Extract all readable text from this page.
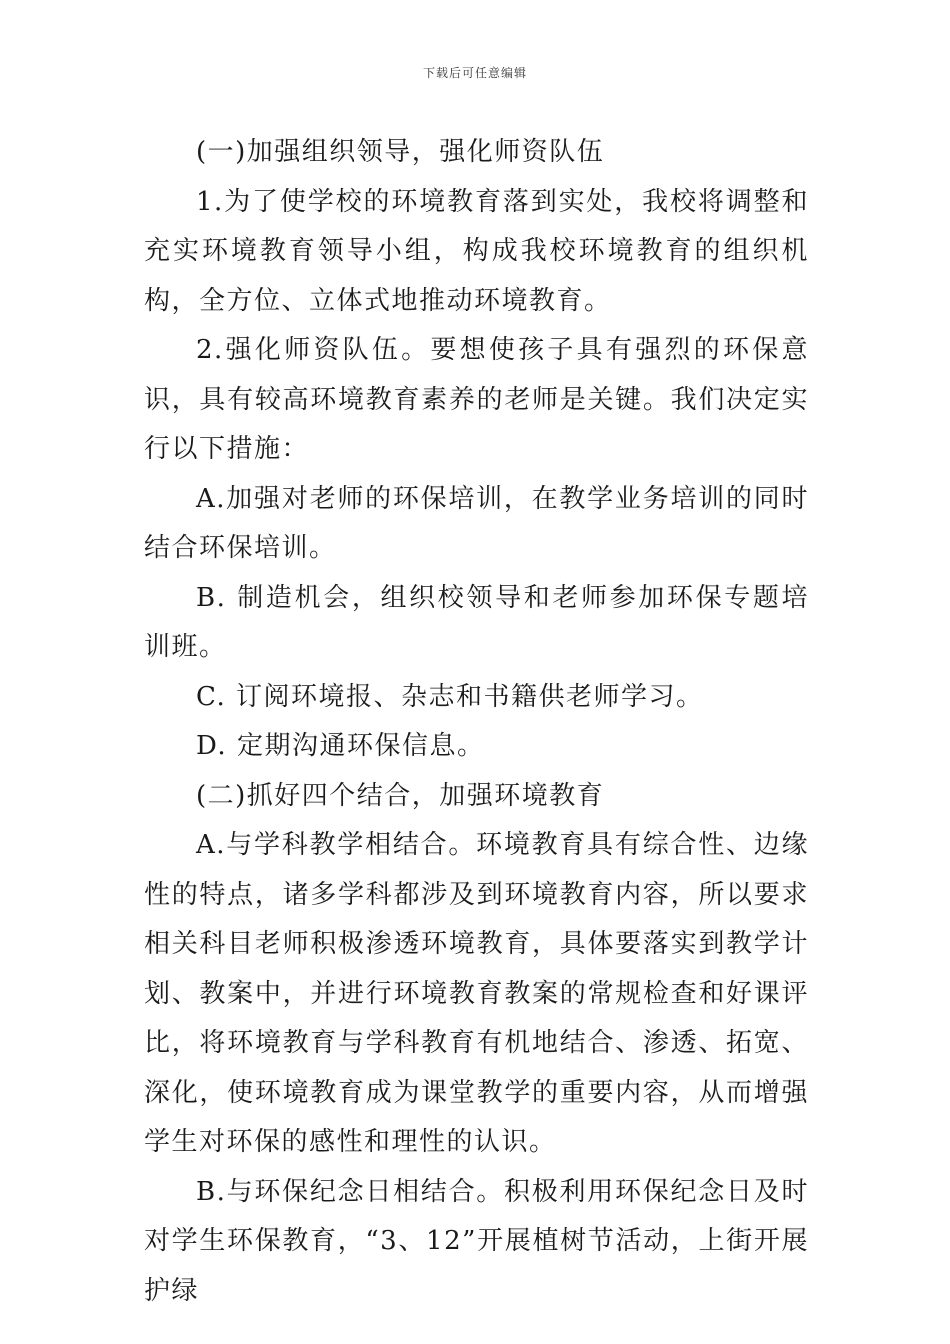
下载后可任意编辑

(一)加强组织领导，强化师资队伍

1.为了使学校的环境教育落到实处，我校将调整和充实环境教育领导小组，构成我校环境教育的组织机构，全方位、立体式地推动环境教育。

2.强化师资队伍。要想使孩子具有强烈的环保意识，具有较高环境教育素养的老师是关键。我们决定实行以下措施：

A.加强对老师的环保培训，在教学业务培训的同时结合环保培训。

B. 制造机会，组织校领导和老师参加环保专题培训班。

C. 订阅环境报、杂志和书籍供老师学习。

D. 定期沟通环保信息。

(二)抓好四个结合，加强环境教育

A.与学科教学相结合。环境教育具有综合性、边缘性的特点，诸多学科都涉及到环境教育内容，所以要求相关科目老师积极渗透环境教育，具体要落实到教学计划、教案中，并进行环境教育教案的常规检查和好课评比，将环境教育与学科教育有机地结合、渗透、拓宽、深化，使环境教育成为课堂教学的重要内容，从而增强学生对环保的感性和理性的认识。

B.与环保纪念日相结合。积极利用环保纪念日及时对学生环保教育，“3、12”开展植树节活动，上街开展护绿
